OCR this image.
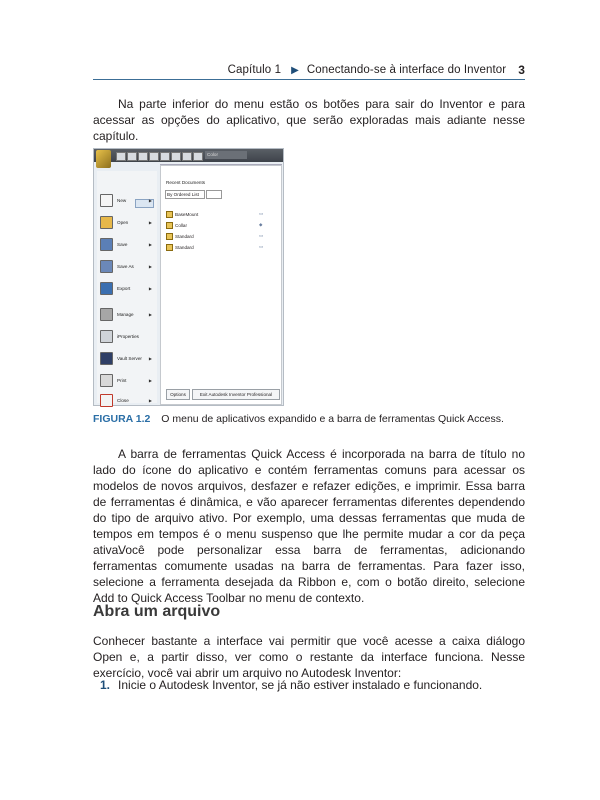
Capítulo 1 ▶ Conectando-se à interface do Inventor 3

Na parte inferior do menu estão os botões para sair do Inventor e para acessar as opções do aplicativo, que serão exploradas mais adiante nesse capítulo.

Color
New	▶
Open	▶
Save	▶
Save As	▶
Export	▶
Manage	▶
iProperties
Vault Server	▶
Print	▶
Close	▶
Recent Documents
By Ordered List
BaseMount	▭
Collar	◆
Standard	▭
Standard	▭
Options	Exit Autodesk Inventor Professional
FIGURA 1.2 O menu de aplicativos expandido e a barra de ferramentas Quick Access.

A barra de ferramentas Quick Access é incorporada na barra de título no lado do ícone do aplicativo e contém ferramentas comuns para acessar os modelos de novos arquivos, desfazer e refazer edições, e imprimir. Essa barra de ferramentas é dinâmica, e vão aparecer ferramentas diferentes dependendo do tipo de arquivo ativo. Por exemplo, uma dessas ferramentas que muda de tempos em tempos é o menu suspenso que lhe permite mudar a cor da peça ativa.

Você pode personalizar essa barra de ferramentas, adicionando ferramentas comumente usadas na barra de ferramentas. Para fazer isso, selecione a ferramenta desejada da Ribbon e, com o botão direito, selecione Add to Quick Access Toolbar no menu de contexto.

Abra um arquivo

Conhecer bastante a interface vai permitir que você acesse a caixa diálogo Open e, a partir disso, ver como o restante da interface funciona. Nesse exercício, você vai abrir um arquivo no Autodesk Inventor:

1. Inicie o Autodesk Inventor, se já não estiver instalado e funcionando.
